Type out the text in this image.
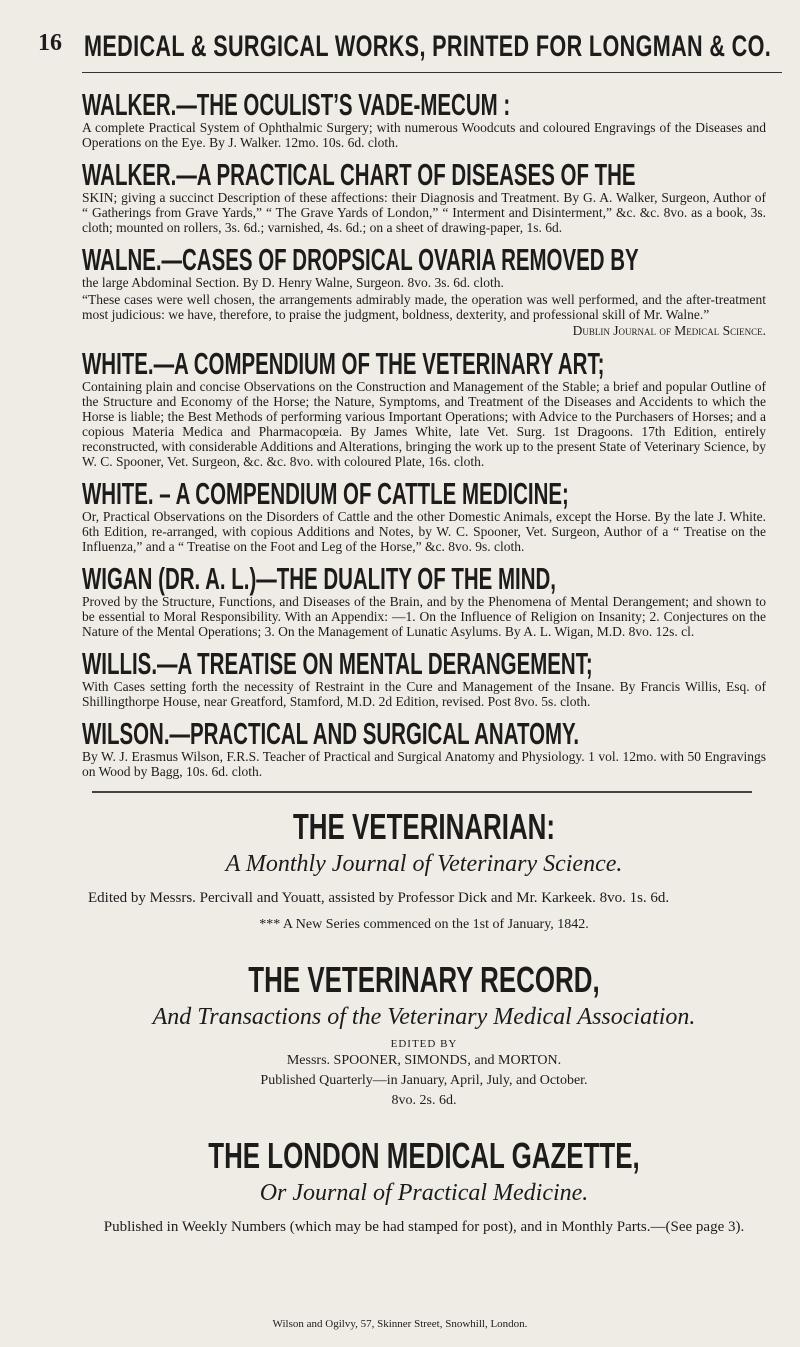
16 MEDICAL & SURGICAL WORKS, PRINTED FOR LONGMAN & CO.
WALKER.—THE OCULIST’S VADE-MECUM :
A complete Practical System of Ophthalmic Surgery; with numerous Woodcuts and coloured Engravings of the Diseases and Operations on the Eye. By J. Walker. 12mo. 10s. 6d. cloth.
WALKER.—A PRACTICAL CHART OF DISEASES OF THE
SKIN; giving a succinct Description of these affections: their Diagnosis and Treatment. By G. A. Walker, Surgeon, Author of “ Gatherings from Grave Yards,” “ The Grave Yards of London,” “ Interment and Disinterment,” &c. &c. 8vo. as a book, 3s. cloth; mounted on rollers, 3s. 6d.; varnished, 4s. 6d.; on a sheet of drawing-paper, 1s. 6d.
WALNE.—CASES OF DROPSICAL OVARIA REMOVED BY
the large Abdominal Section. By D. Henry Walne, Surgeon. 8vo. 3s. 6d. cloth.
“These cases were well chosen, the arrangements admirably made, the operation was well performed, and the after-treatment most judicious: we have, therefore, to praise the judgment, boldness, dexterity, and professional skill of Mr. Walne.”
Dublin Journal of Medical Science.
WHITE.—A COMPENDIUM OF THE VETERINARY ART;
Containing plain and concise Observations on the Construction and Management of the Stable; a brief and popular Outline of the Structure and Economy of the Horse; the Nature, Symptoms, and Treatment of the Diseases and Accidents to which the Horse is liable; the Best Methods of performing various Important Operations; with Advice to the Purchasers of Horses; and a copious Materia Medica and Pharmacopœia. By James White, late Vet. Surg. 1st Dragoons. 17th Edition, entirely reconstructed, with considerable Additions and Alterations, bringing the work up to the present State of Veterinary Science, by W. C. Spooner, Vet. Surgeon, &c. &c. 8vo. with coloured Plate, 16s. cloth.
WHITE. – A COMPENDIUM OF CATTLE MEDICINE;
Or, Practical Observations on the Disorders of Cattle and the other Domestic Animals, except the Horse. By the late J. White. 6th Edition, re-arranged, with copious Additions and Notes, by W. C. Spooner, Vet. Surgeon, Author of a “ Treatise on the Influenza,” and a “ Treatise on the Foot and Leg of the Horse,” &c. 8vo. 9s. cloth.
WIGAN (DR. A. L.)—THE DUALITY OF THE MIND,
Proved by the Structure, Functions, and Diseases of the Brain, and by the Phenomena of Mental Derangement; and shown to be essential to Moral Responsibility. With an Appendix: —1. On the Influence of Religion on Insanity; 2. Conjectures on the Nature of the Mental Operations; 3. On the Management of Lunatic Asylums. By A. L. Wigan, M.D. 8vo. 12s. cl.
WILLIS.—A TREATISE ON MENTAL DERANGEMENT;
With Cases setting forth the necessity of Restraint in the Cure and Management of the Insane. By Francis Willis, Esq. of Shillingthorpe House, near Greatford, Stamford, M.D. 2d Edition, revised. Post 8vo. 5s. cloth.
WILSON.—PRACTICAL AND SURGICAL ANATOMY.
By W. J. Erasmus Wilson, F.R.S. Teacher of Practical and Surgical Anatomy and Physiology. 1 vol. 12mo. with 50 Engravings on Wood by Bagg, 10s. 6d. cloth.
THE VETERINARIAN:
A Monthly Journal of Veterinary Science.
Edited by Messrs. Percivall and Youatt, assisted by Professor Dick and Mr. Karkeek. 8vo. 1s. 6d.
*** A New Series commenced on the 1st of January, 1842.
THE VETERINARY RECORD,
And Transactions of the Veterinary Medical Association.
EDITED BY
Messrs. SPOONER, SIMONDS, and MORTON.
Published Quarterly—in January, April, July, and October.
8vo. 2s. 6d.
THE LONDON MEDICAL GAZETTE,
Or Journal of Practical Medicine.
Published in Weekly Numbers (which may be had stamped for post), and in Monthly Parts.—(See page 3).
Wilson and Ogilvy, 57, Skinner Street, Snowhill, London.
